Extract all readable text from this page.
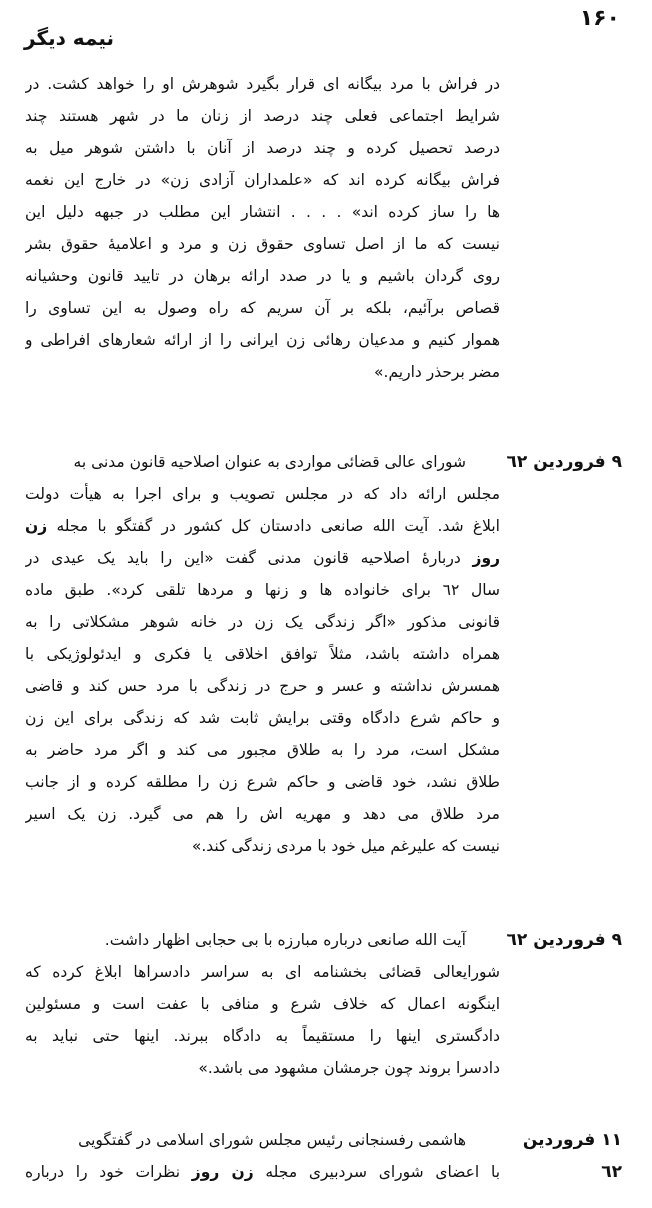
۱۶۰
نیمه دیگر
در فراش با مرد بیگانه ای قرار بگیرد شوهرش او را خواهد کشت. در
شرایط اجتماعی فعلی چند درصد از زنان ما در شهر هستند چند
درصد تحصیل کرده و چند درصد از آنان با داشتن شوهر میل به
فراش بیگانه کرده اند که «علمداران آزادی زن» در خارج این نغمه
ها را ساز کرده اند» . . . . انتشار این مطلب در جبهه دلیل این
نیست که ما از اصل تساوی حقوق زن و مرد و اعلامیهٔ حقوق بشر
روی گردان باشیم و یا در صدد ارائه برهان در تایید قانون وحشیانه
قصاص برآئیم، بلکه بر آن سریم که راه وصول به این تساوی را
هموار کنیم و مدعیان رهائی زن ایرانی را از ارائه شعارهای افراطی و
مضر برحذر داریم.»
۹ فروردین ٦٢
شورای عالی قضائی مواردی به عنوان اصلاحیه قانون مدنی به
مجلس ارائه داد که در مجلس تصویب و برای اجرا به هیأت دولت
ابلاغ شد. آیت الله صانعی دادستان کل کشور در گفتگو با مجله زن
روز دربارهٔ اصلاحیه قانون مدنی گفت «این را باید یک عیدی در
سال ٦٢ برای خانواده ها و زنها و مردها تلقی کرد». طبق ماده
قانونی مذکور «اگر زندگی یک زن در خانه شوهر مشکلاتی را به
همراه داشته باشد، مثلاً توافق اخلاقی یا فکری و ایدئولوژیکی با
همسرش نداشته و عسر و حرج در زندگی با مرد حس کند و قاضی
و حاکم شرع دادگاه وقتی برایش ثابت شد که زندگی برای این زن
مشکل است، مرد را به طلاق مجبور می کند و اگر مرد حاضر به
طلاق نشد، خود قاضی و حاکم شرع زن را مطلقه کرده و از جانب
مرد طلاق می دهد و مهریه اش را هم می گیرد. زن یک اسیر
نیست که علیرغم میل خود با مردی زندگی کند.»
۹ فروردین ٦٢
آیت الله صانعی درباره مبارزه با بی حجابی اظهار داشت.
شورایعالی قضائی بخشنامه ای به سراسر دادسراها ابلاغ کرده که
اینگونه اعمال که خلاف شرع و منافی با عفت است و مسئولین
دادگستری اینها را مستقیماً به دادگاه ببرند. اینها حتی نباید به
دادسرا بروند چون جرمشان مشهود می باشد.»
۱۱ فروردین ٦٢
هاشمی رفسنجانی رئیس مجلس شورای اسلامی در گفتگویی
با اعضای شورای سردبیری مجله زن روز نظرات خود را درباره
